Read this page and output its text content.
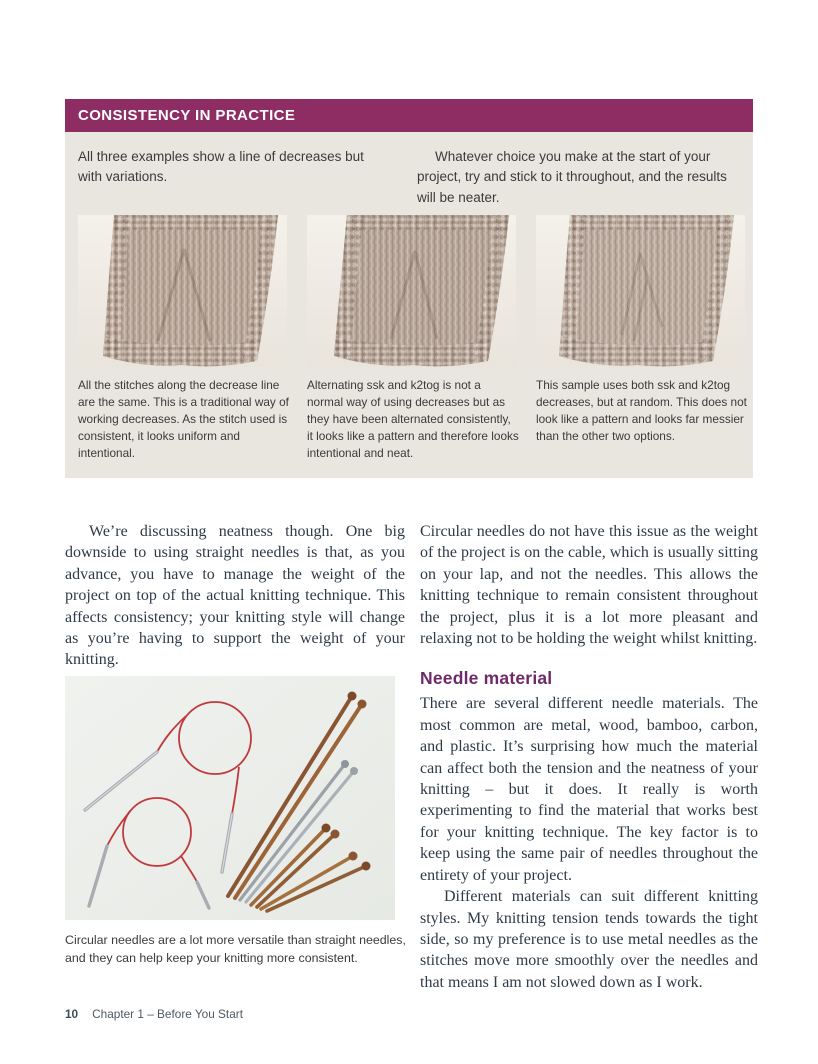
CONSISTENCY IN PRACTICE

All three examples show a line of decreases but with variations.

Whatever choice you make at the start of your project, try and stick to it throughout, and the results will be neater.

All the stitches along the decrease line are the same. This is a traditional way of working decreases. As the stitch used is consistent, it looks uniform and intentional.

Alternating ssk and k2tog is not a normal way of using decreases but as they have been alternated consistently, it looks like a pattern and therefore looks intentional and neat.

This sample uses both ssk and k2tog decreases, but at random. This does not look like a pattern and looks far messier than the other two options.

We’re discussing neatness though. One big downside to using straight needles is that, as you advance, you have to manage the weight of the project on top of the actual knitting technique. This affects consistency; your knitting style will change as you’re having to support the weight of your knitting.

Circular needles are a lot more versatile than straight needles, and they can help keep your knitting more consistent.

Circular needles do not have this issue as the weight of the project is on the cable, which is usually sitting on your lap, and not the needles. This allows the knitting technique to remain consistent throughout the project, plus it is a lot more pleasant and relaxing not to be holding the weight whilst knitting.

Needle material

There are several different needle materials. The most common are metal, wood, bamboo, carbon, and plastic. It’s surprising how much the material can affect both the tension and the neatness of your knitting – but it does. It really is worth experimenting to find the material that works best for your knitting technique. The key factor is to keep using the same pair of needles throughout the entirety of your project.

Different materials can suit different knitting styles. My knitting tension tends towards the tight side, so my preference is to use metal needles as the stitches move more smoothly over the needles and that means I am not slowed down as I work.

10 Chapter 1 – Before You Start
